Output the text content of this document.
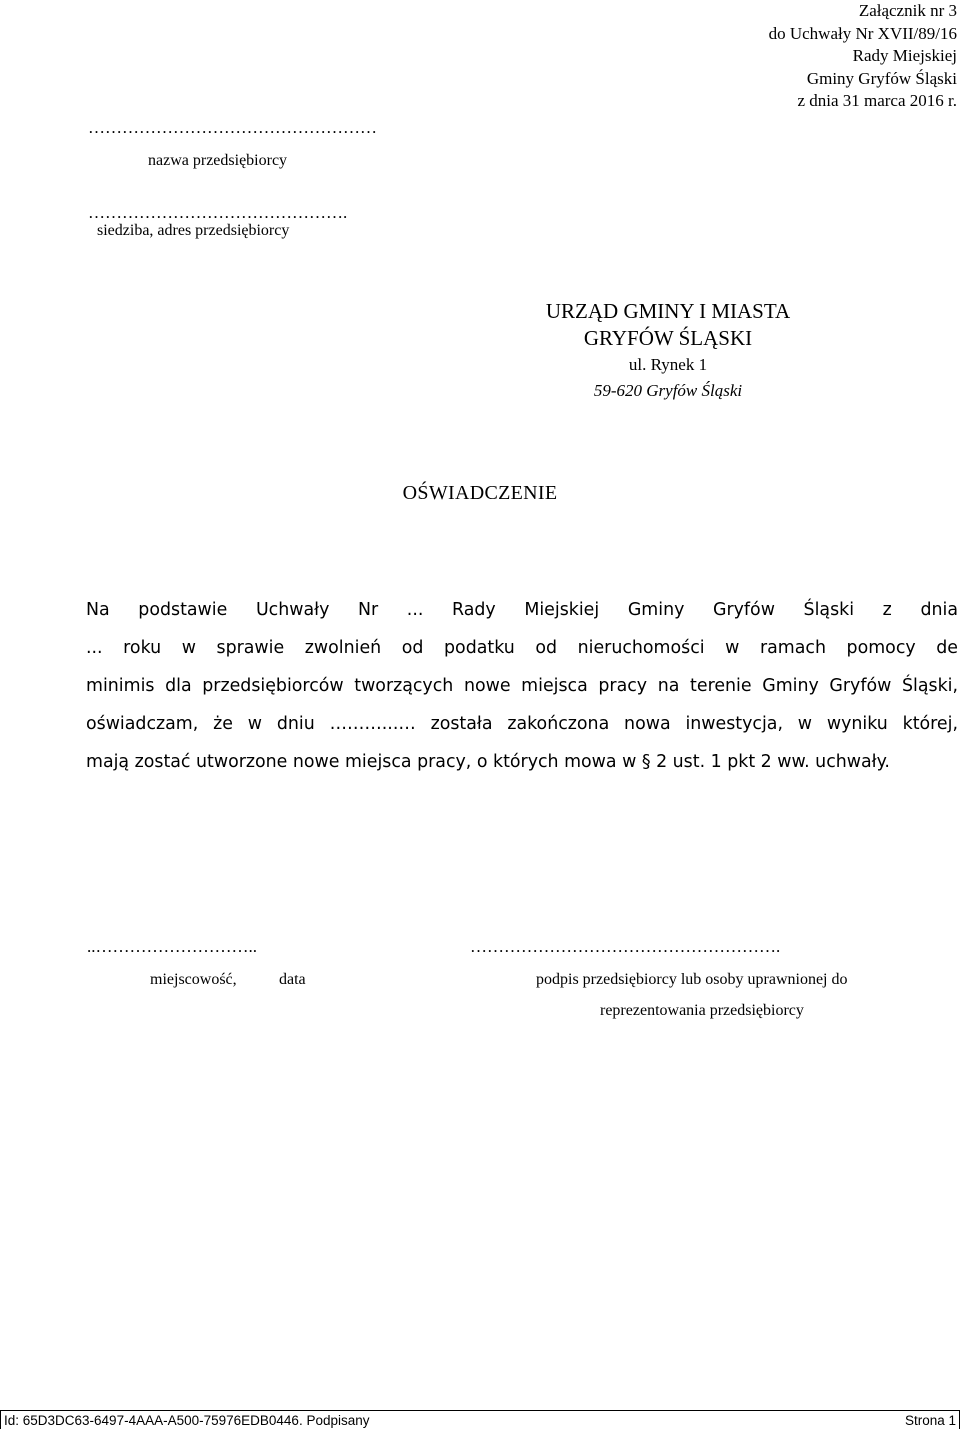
Załącznik nr 3
do Uchwały Nr XVII/89/16
Rady Miejskiej
Gminy Gryfów Śląski
z dnia 31 marca 2016 r.
……………………………………………
nazwa przedsiębiorcy
……………………………………….
siedziba, adres przedsiębiorcy
URZĄD GMINY I MIASTA
GRYFÓW ŚLĄSKI
ul. Rynek 1
59-620 Gryfów Śląski
OŚWIADCZENIE
Na podstawie Uchwały Nr ... Rady Miejskiej Gminy Gryfów Śląski z dnia
... roku w sprawie zwolnień od podatku od nieruchomości w ramach pomocy de
minimis dla przedsiębiorców tworzących nowe miejsca pracy na terenie Gminy Gryfów Śląski,
oświadczam, że w dniu ………...… została zakończona nowa inwestycja, w wyniku której,
mają zostać utworzone nowe miejsca pracy, o których mowa w § 2 ust. 1 pkt 2 ww. uchwały.
..………………………..
miejscowość,	data
……………………………………………….
podpis przedsiębiorcy lub osoby uprawnionej do
reprezentowania przedsiębiorcy
Id: 65D3DC63-6497-4AAA-A500-75976EDB0446. Podpisany	Strona 1
